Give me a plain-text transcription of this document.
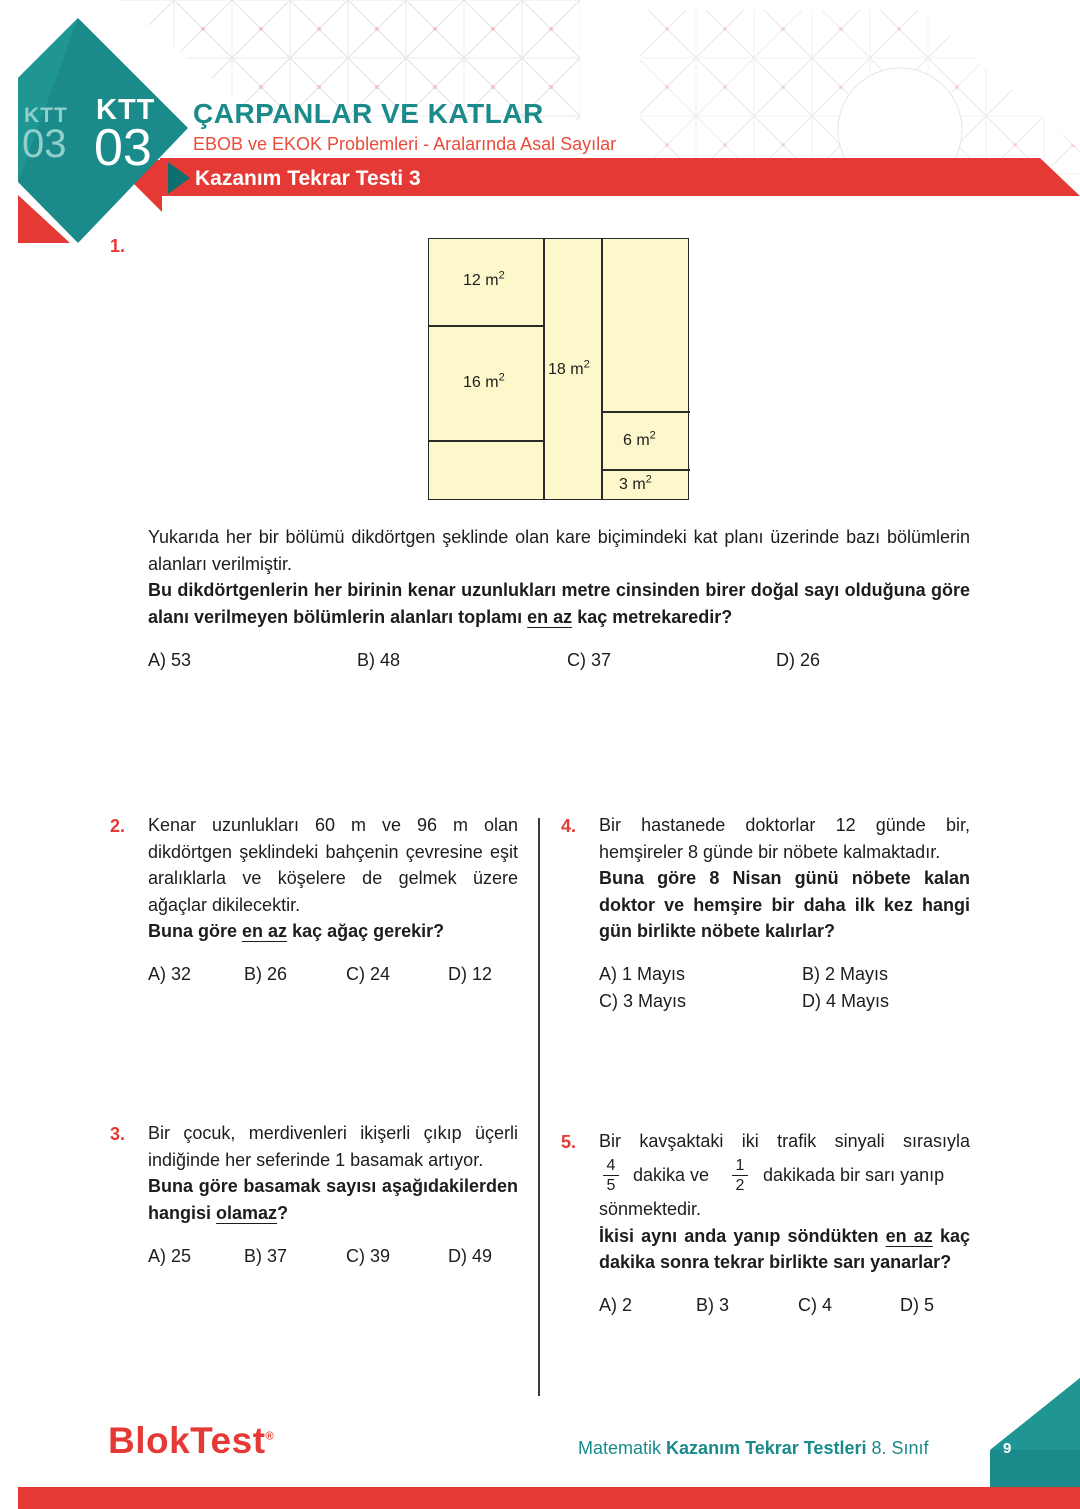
KTT
03
KTT
03
ÇARPANLAR VE KATLAR
EBOB ve EKOK Problemleri - Aralarında Asal Sayılar
Kazanım Tekrar Testi 3
1.
12 $m^2$
16 $m^2$	18 $m^2$
6 $m^2$
3 $m^2$
Yukarıda her bir bölümü dikdörtgen şeklinde olan kare biçimindeki kat planı üzerinde bazı bölümlerin alanları verilmiştir.
Bu dikdörtgenlerin her birinin kenar uzunlukları metre cinsinden birer doğal sayı olduğuna göre alanı verilmeyen bölümlerin alanları toplamı en az kaç metrekaredir?
A) 53	B) 48	C) 37	D) 26
2. Kenar uzunlukları 60 m ve 96 m olan dikdörtgen şeklindeki bahçenin çevresine eşit aralıklarla ve köşelere de gelmek üzere ağaçlar dikilecektir.
Buna göre en az kaç ağaç gerekir?
A) 32	B) 26	C) 24	D) 12
3. Bir çocuk, merdivenleri ikişerli çıkıp üçerli indiğinde her seferinde 1 basamak artıyor.
Buna göre basamak sayısı aşağıdakilerden hangisi olamaz?
A) 25	B) 37	C) 39	D) 49
4. Bir hastanede doktorlar 12 günde bir, hemşireler 8 günde bir nöbete kalmaktadır.
Buna göre 8 Nisan günü nöbete kalan doktor ve hemşire bir daha ilk kez hangi gün birlikte nöbete kalırlar?
A) 1 Mayıs	B) 2 Mayıs
C) 3 Mayıs	D) 4 Mayıs
5. Bir kavşaktaki iki trafik sinyali sırasıyla
4
5
dakika ve 1
2
dakikada bir sarı yanıp
sönmektedir.
İkisi aynı anda yanıp söndükten en az kaç dakika sonra tekrar birlikte sarı yanarlar?
A) 2	B) 3	C) 4	D) 5
BlokTest®
Matematik Kazanım Tekrar Testleri 8. Sınıf	9
